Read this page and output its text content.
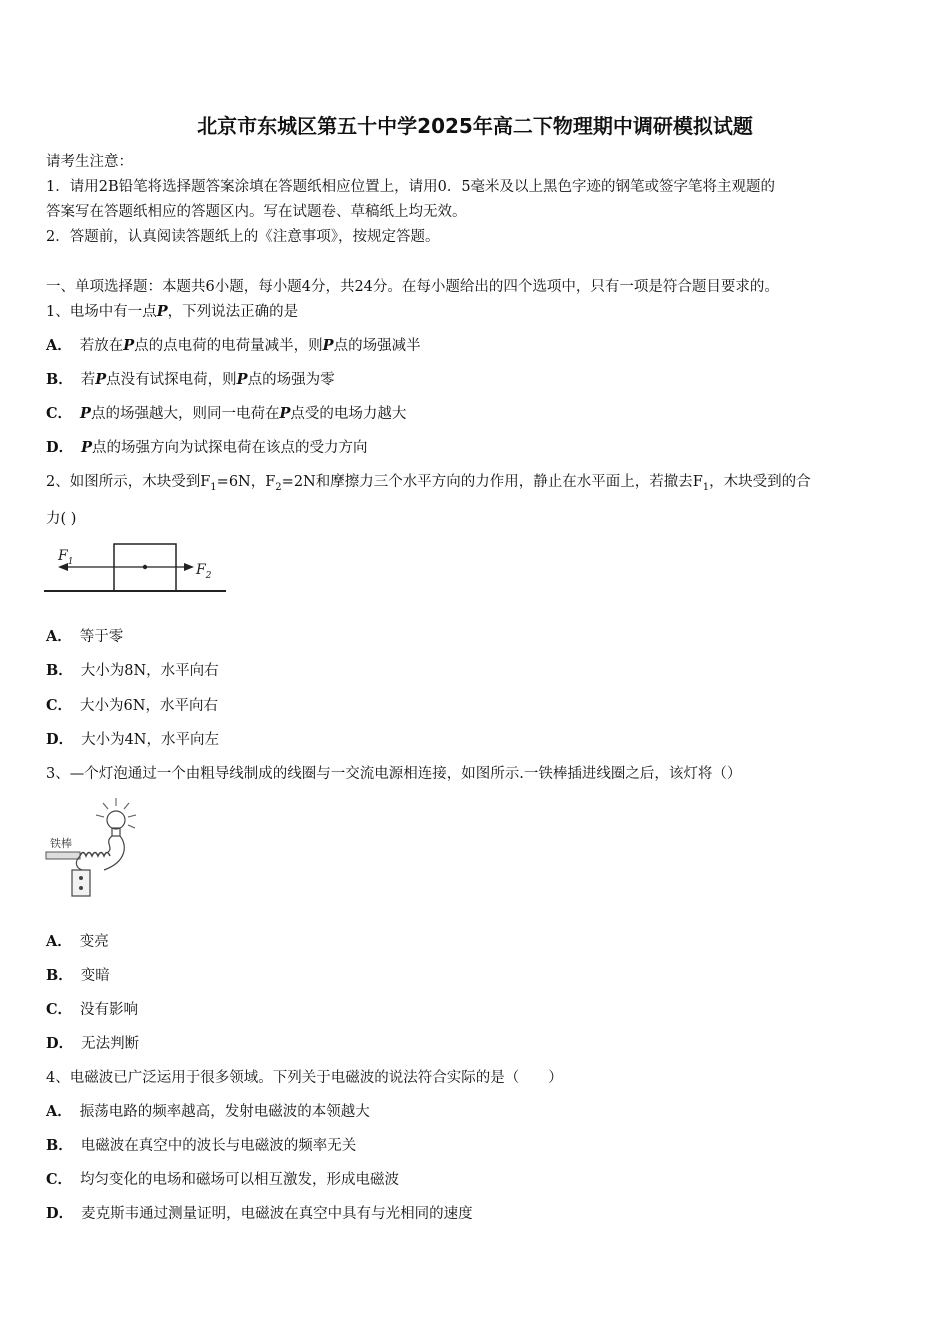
北京市东城区第五十中学2025年高二下物理期中调研模拟试题
请考生注意：
1．请用2B铅笔将选择题答案涂填在答题纸相应位置上，请用0．5毫米及以上黑色字迹的钢笔或签字笔将主观题的
答案写在答题纸相应的答题区内。写在试题卷、草稿纸上均无效。
2．答题前，认真阅读答题纸上的《注意事项》，按规定答题。
一、单项选择题：本题共6小题，每小题4分，共24分。在每小题给出的四个选项中，只有一项是符合题目要求的。
1、电场中有一点P，下列说法正确的是
A． 若放在P点的点电荷的电荷量减半，则P点的场强减半
B． 若P点没有试探电荷，则P点的场强为零
C． P点的场强越大，则同一电荷在P点受的电场力越大
D． P点的场强方向为试探电荷在该点的受力方向
2、如图所示，木块受到$F_1=6N$，$F_2=2N$和摩擦力三个水平方向的力作用，静止在水平面上，若撤去$F_1$，木块受到的合
力( )
$F_1$	$F_2$
A． 等于零
B． 大小为8N，水平向右
C． 大小为6N，水平向右
D． 大小为4N，水平向左
3、—个灯泡通过一个由粗导线制成的线圈与一交流电源相连接，如图所示.一铁棒插进线圈之后，该灯将（）
铁棒
A． 变亮
B． 变暗
C． 没有影响
D． 无法判断
4、电磁波已广泛运用于很多领域。下列关于电磁波的说法符合实际的是（　　）
A． 振荡电路的频率越高，发射电磁波的本领越大
B． 电磁波在真空中的波长与电磁波的频率无关
C． 均匀变化的电场和磁场可以相互激发，形成电磁波
D． 麦克斯韦通过测量证明，电磁波在真空中具有与光相同的速度
